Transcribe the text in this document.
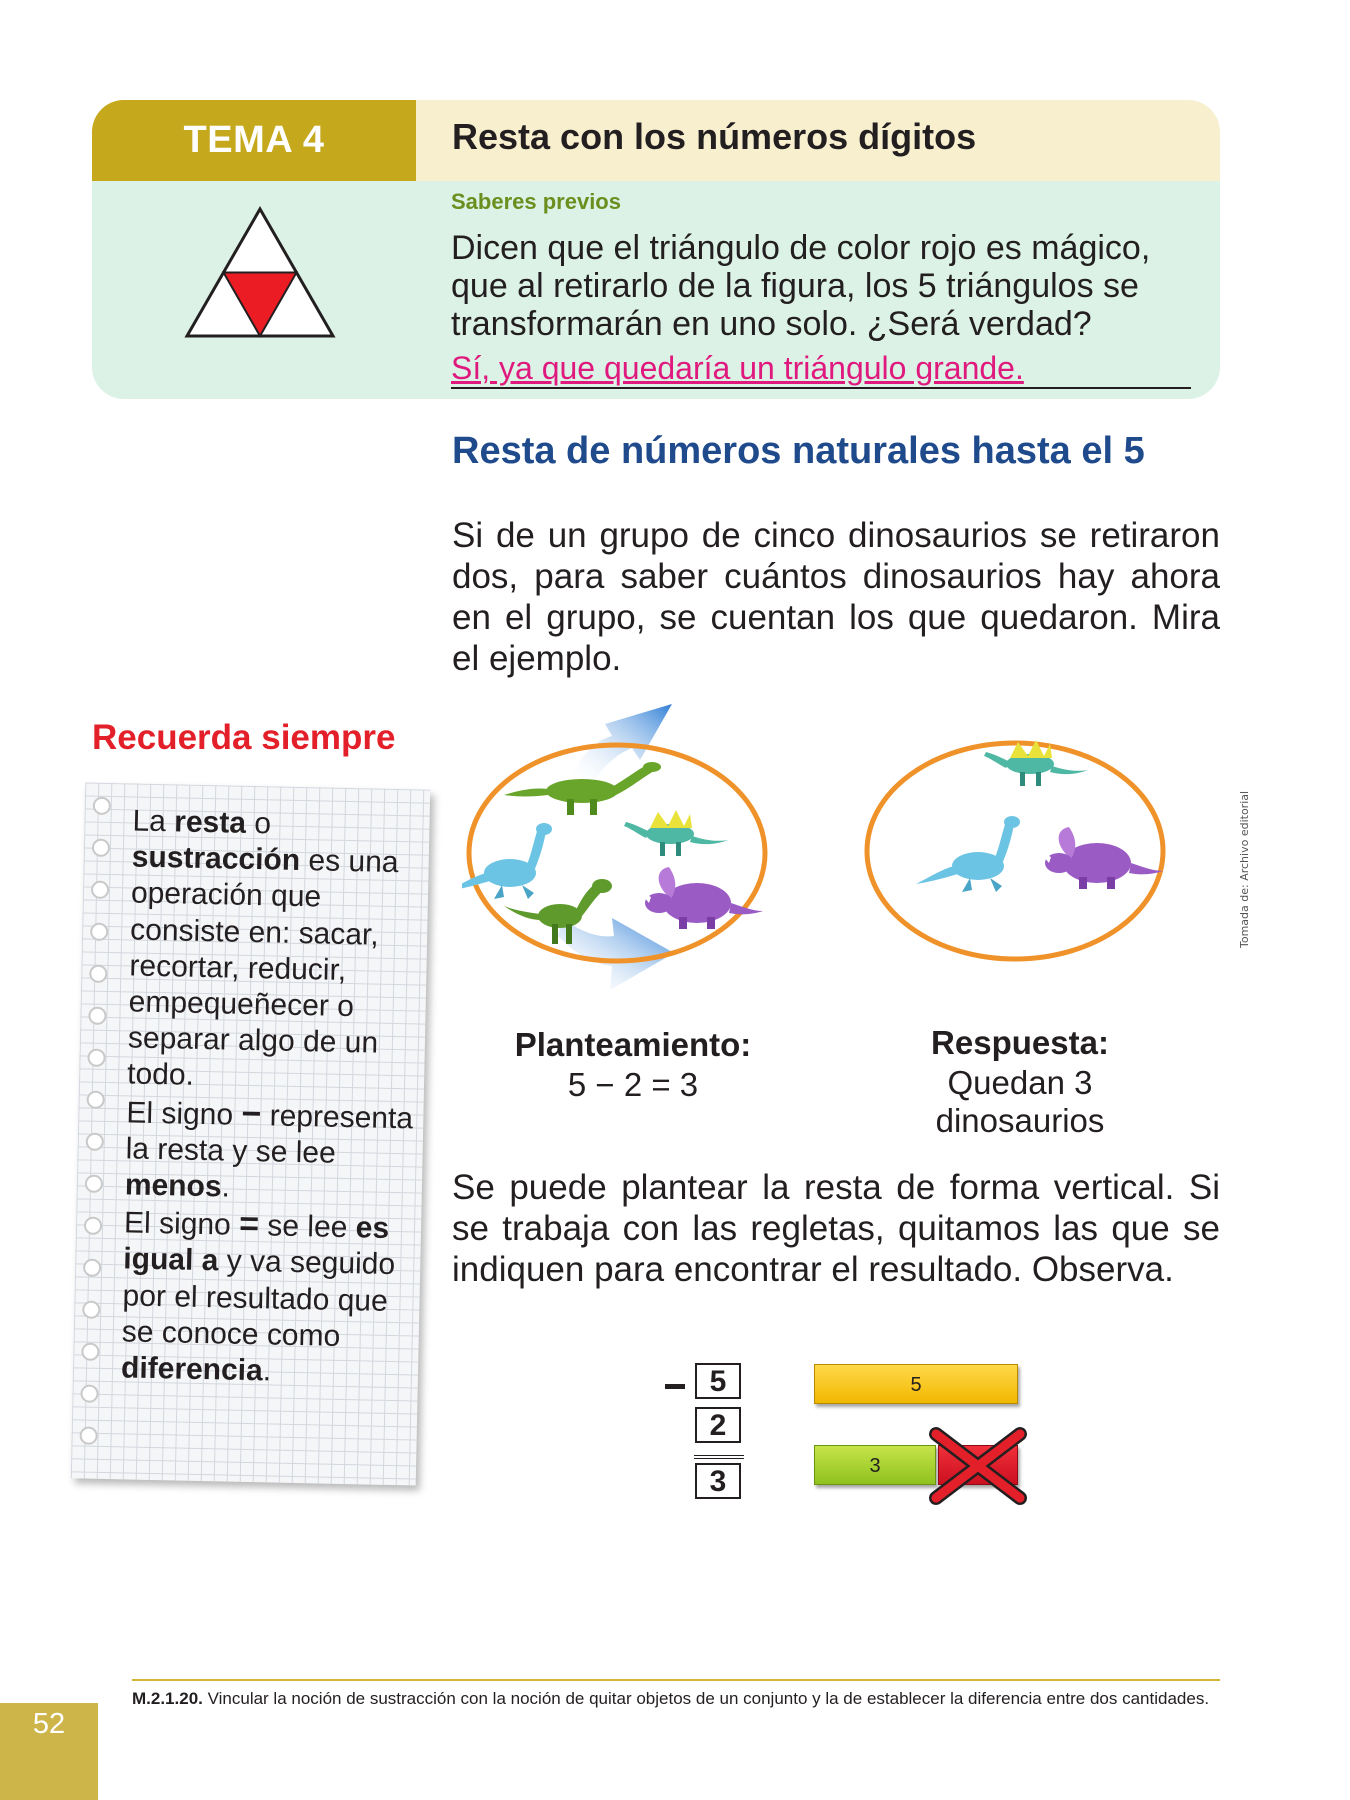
TEMA 4	Resta con los números dígitos
Saberes previos
Dicen que el triángulo de color rojo es mágico, que al retirarlo de la figura, los 5 triángulos se transformarán en uno solo. ¿Será verdad?
Sí, ya que quedaría un triángulo grande.
Resta de números naturales hasta el 5
Si de un grupo de cinco dinosaurios se retiraron dos, para saber cuántos dinosaurios hay ahora en el grupo, se cuentan los que quedaron. Mira el ejemplo.
Recuerda siempre
La resta o sustracción es una operación que consiste en: sacar, recortar, reducir, empequeñecer o separar algo de un todo.
El signo − representa la resta y se lee menos.
El signo = se lee es igual a y va seguido por el resultado que se conoce como diferencia.
Tomada de: Archivo editorial
Planteamiento:
5 − 2 = 3
Respuesta:
Quedan 3 dinosaurios
Se puede plantear la resta de forma vertical. Si se trabaja con las regletas, quitamos las que se indiquen para encontrar el resultado. Observa.
5
2
3
5
3
M.2.1.20. Vincular la noción de sustracción con la noción de quitar objetos de un conjunto y la de establecer la diferencia entre dos cantidades.
52
